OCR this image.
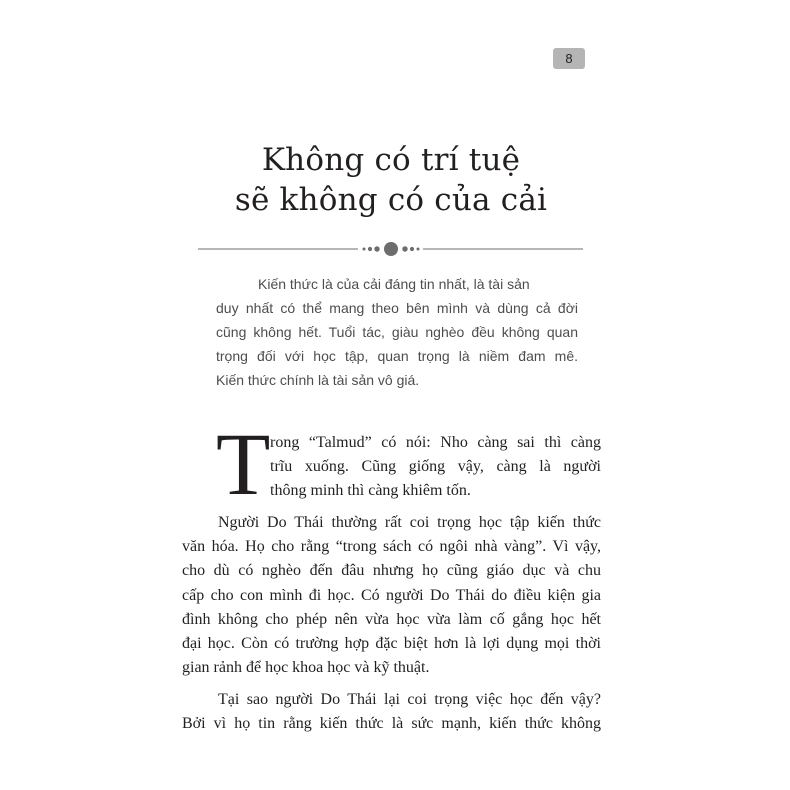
8
Không có trí tuệ
sẽ không có của cải
Kiến thức là của cải đáng tin nhất, là tài sản
duy nhất có thể mang theo bên mình và dùng cả đời
cũng không hết. Tuổi tác, giàu nghèo đều không quan
trọng đối với học tập, quan trọng là niềm đam mê.
Kiến thức chính là tài sản vô giá.
T rong “Talmud” có nói: Nho càng sai thì càng
trĩu xuống. Cũng giống vậy, càng là người
thông minh thì càng khiêm tốn.
Người Do Thái thường rất coi trọng học tập kiến thức
văn hóa. Họ cho rằng “trong sách có ngôi nhà vàng”. Vì vậy,
cho dù có nghèo đến đâu nhưng họ cũng giáo dục và chu
cấp cho con mình đi học. Có người Do Thái do điều kiện gia
đình không cho phép nên vừa học vừa làm cố gắng học hết
đại học. Còn có trường hợp đặc biệt hơn là lợi dụng mọi thời
gian rảnh để học khoa học và kỹ thuật.
Tại sao người Do Thái lại coi trọng việc học đến vậy?
Bởi vì họ tin rằng kiến thức là sức mạnh, kiến thức không
